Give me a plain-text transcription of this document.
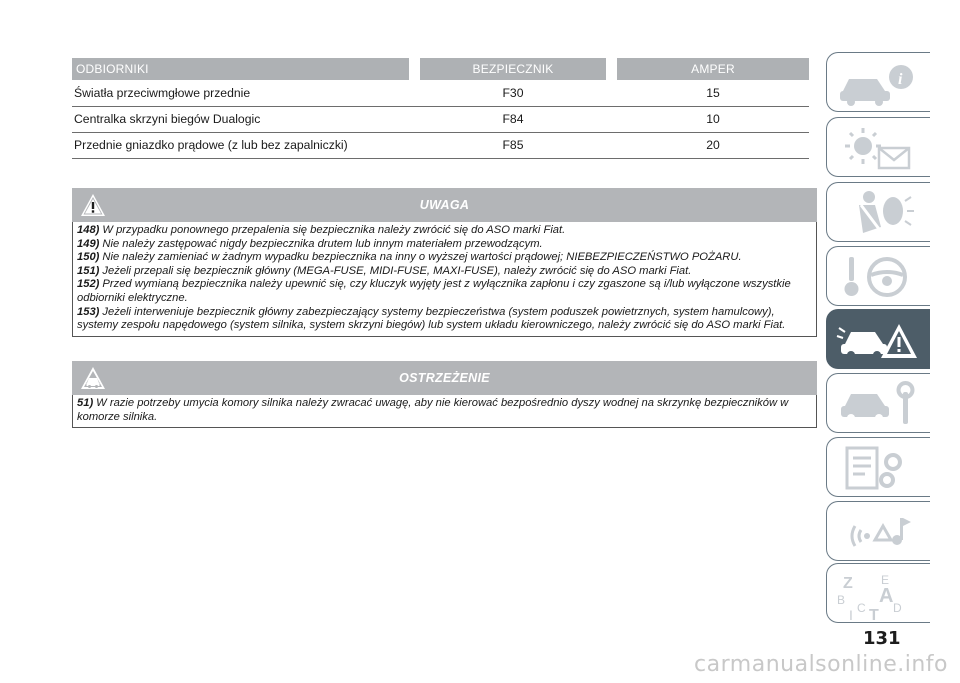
ODBIORNIKI		BEZPIECZNIK		AMPER
Światła przeciwmgłowe przednie		F30		15
Centralka skrzyni biegów Dualogic		F84		10
Przednie gniazdko prądowe (z lub bez zapalniczki)		F85		20
UWAGA
148) W przypadku ponownego przepalenia się bezpiecznika należy zwrócić się do ASO marki Fiat.
149) Nie należy zastępować nigdy bezpiecznika drutem lub innym materiałem przewodzącym.
150) Nie należy zamieniać w żadnym wypadku bezpiecznika na inny o wyższej wartości prądowej; NIEBEZPIECZEŃSTWO POŻARU.
151) Jeżeli przepali się bezpiecznik główny (MEGA-FUSE, MIDI-FUSE, MAXI-FUSE), należy zwrócić się do ASO marki Fiat.
152) Przed wymianą bezpiecznika należy upewnić się, czy kluczyk wyjęty jest z wyłącznika zapłonu i czy zgaszone są i/lub wyłączone wszystkie odbiorniki elektryczne.
153) Jeżeli interweniuje bezpiecznik główny zabezpieczający systemy bezpieczeństwa (system poduszek powietrznych, system hamulcowy), systemy zespołu napędowego (system silnika, system skrzyni biegów) lub system układu kierowniczego, należy zwrócić się do ASO marki Fiat.
OSTRZEŻENIE
51) W razie potrzeby umycia komory silnika należy zwracać uwagę, aby nie kierować bezpośrednio dyszy wodnej na skrzynkę bezpieczników w komorze silnika.
i
Z E
B A
C T D
I
131
carmanualsonline.info
